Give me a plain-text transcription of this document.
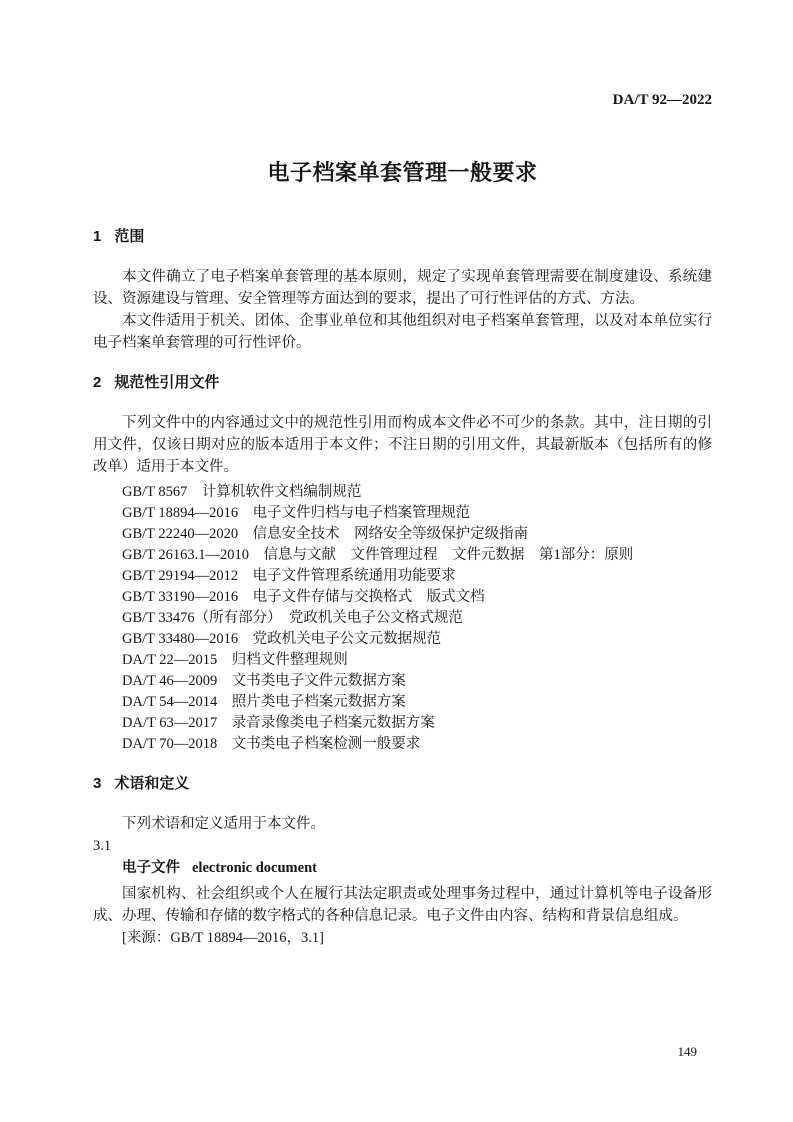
DA/T 92—2022
电子档案单套管理一般要求
1 范围

本文件确立了电子档案单套管理的基本原则，规定了实现单套管理需要在制度建设、系统建设、资源建设与管理、安全管理等方面达到的要求，提出了可行性评估的方式、方法。

本文件适用于机关、团体、企事业单位和其他组织对电子档案单套管理，以及对本单位实行电子档案单套管理的可行性评价。

2 规范性引用文件

下列文件中的内容通过文中的规范性引用而构成本文件必不可少的条款。其中，注日期的引用文件，仅该日期对应的版本适用于本文件；不注日期的引用文件，其最新版本（包括所有的修改单）适用于本文件。

GB/T 8567　计算机软件文档编制规范

GB/T 18894—2016　电子文件归档与电子档案管理规范

GB/T 22240—2020　信息安全技术　网络安全等级保护定级指南

GB/T 26163.1—2010　信息与文献　文件管理过程　文件元数据　第1部分：原则

GB/T 29194—2012　电子文件管理系统通用功能要求

GB/T 33190—2016　电子文件存储与交换格式　版式文档

GB/T 33476（所有部分）　党政机关电子公文格式规范

GB/T 33480—2016　党政机关电子公文元数据规范

DA/T 22—2015　归档文件整理规则

DA/T 46—2009　文书类电子文件元数据方案

DA/T 54—2014　照片类电子档案元数据方案

DA/T 63—2017　录音录像类电子档案元数据方案

DA/T 70—2018　文书类电子档案检测一般要求

3 术语和定义

下列术语和定义适用于本文件。

3.1

电子文件 electronic document

国家机构、社会组织或个人在履行其法定职责或处理事务过程中，通过计算机等电子设备形成、办理、传输和存储的数字格式的各种信息记录。电子文件由内容、结构和背景信息组成。

[来源：GB/T 18894—2016，3.1]

149
